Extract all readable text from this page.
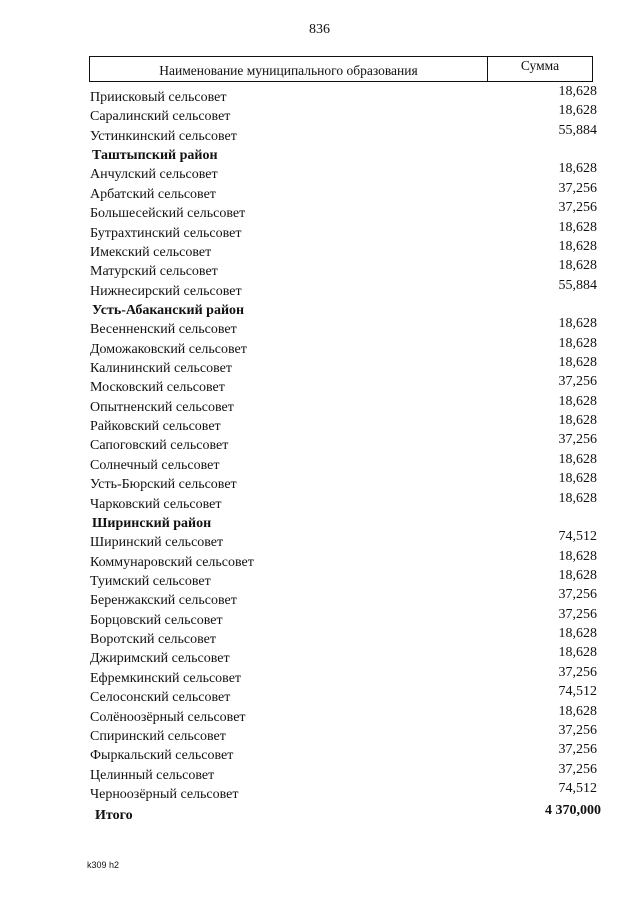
836
Наименование муниципального образования	Сумма
Приисковый сельсовет	18,628
Саралинский сельсовет	18,628
Устинкинский сельсовет	55,884
Таштыпский район
Анчулский сельсовет	18,628
Арбатский сельсовет	37,256
Большесейский сельсовет	37,256
Бутрахтинский сельсовет	18,628
Имекский сельсовет	18,628
Матурский сельсовет	18,628
Нижнесирский сельсовет	55,884
Усть-Абаканский район
Весенненский сельсовет	18,628
Доможаковский сельсовет	18,628
Калининский сельсовет	18,628
Московский сельсовет	37,256
Опытненский сельсовет	18,628
Райковский сельсовет	18,628
Сапоговский сельсовет	37,256
Солнечный сельсовет	18,628
Усть-Бюрский сельсовет	18,628
Чарковский сельсовет	18,628
Ширинский район
Ширинский сельсовет	74,512
Коммунаровский сельсовет	18,628
Туимский сельсовет	18,628
Беренжакский сельсовет	37,256
Борцовский сельсовет	37,256
Воротский сельсовет	18,628
Джиримский сельсовет	18,628
Ефремкинский сельсовет	37,256
Селосонский сельсовет	74,512
Солёноозёрный сельсовет	18,628
Спиринский сельсовет	37,256
Фыркальский сельсовет	37,256
Целинный сельсовет	37,256
Черноозёрный сельсовет	74,512
Итого	4 370,000
k309 h2
